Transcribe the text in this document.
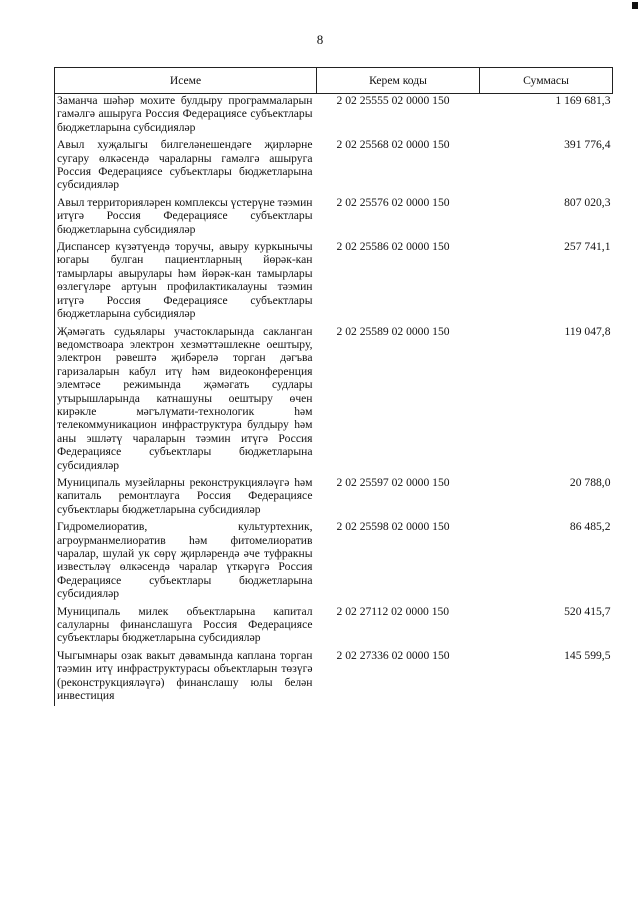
8
Исеме	Керем коды	Суммасы
Заманча шәһәр мохите булдыру программаларын гамәлгә ашыруга Россия Федерациясе субъектлары бюджетларына субсидияләр	2 02 25555 02 0000 150	1 169 681,3
Авыл хуҗалыгы билгеләнешендәге җирләрне сугару өлкәсендә чараларны гамәлгә ашыруга Россия Федерациясе субъектлары бюджетларына субсидияләр	2 02 25568 02 0000 150	391 776,4
Авыл территорияләрен комплексы үстерүне тәэмин итүгә Россия Федерациясе субъектлары бюджетларына субсидияләр	2 02 25576 02 0000 150	807 020,3
Диспансер күзәтүендә торучы, авыру куркынычы югары булган пациентларның йөрәк-кан тамырлары авырулары һәм йөрәк-кан тамырлары өзлегүләре артуын профилактикалауны тәэмин итүгә Россия Федерациясе субъектлары бюджетларына субсидияләр	2 02 25586 02 0000 150	257 741,1
Җәмәгать судьялары участокларында сакланган ведомствоара электрон хезмәттәшлекне оештыру, электрон рәвештә җибәрелә торган дәгъва гаризаларын кабул итү һәм видеоконференция элемтәсе режимында җәмәгать судлары утырышларында катнашуны оештыру өчен кирәкле мәгълүмати-технологик һәм телекоммуникацион инфраструктура булдыру һәм аны эшләтү чараларын тәэмин итүгә Россия Федерациясе субъектлары бюджетларына субсидияләр	2 02 25589 02 0000 150	119 047,8
Муниципаль музейларны реконструкцияләүгә һәм капиталь ремонтлауга Россия Федерациясе субъектлары бюджетларына субсидияләр	2 02 25597 02 0000 150	20 788,0
Гидромелиоратив, культуртехник, агроурманмелиоратив һәм фитомелиоратив чаралар, шулай ук сөрү җирләрендә әче туфракны известьләү өлкәсендә чаралар үткәрүгә Россия Федерациясе субъектлары бюджетларына субсидияләр	2 02 25598 02 0000 150	86 485,2
Муниципаль милек объектларына капитал салуларны финанслашуга Россия Федерациясе субъектлары бюджетларына субсидияләр	2 02 27112 02 0000 150	520 415,7
Чыгымнары озак вакыт дәвамында каплана торган тәэмин итү инфраструктурасы объектларын төзүгә (реконструкцияләүгә) финанслашу юлы белән инвестиция	2 02 27336 02 0000 150	145 599,5
